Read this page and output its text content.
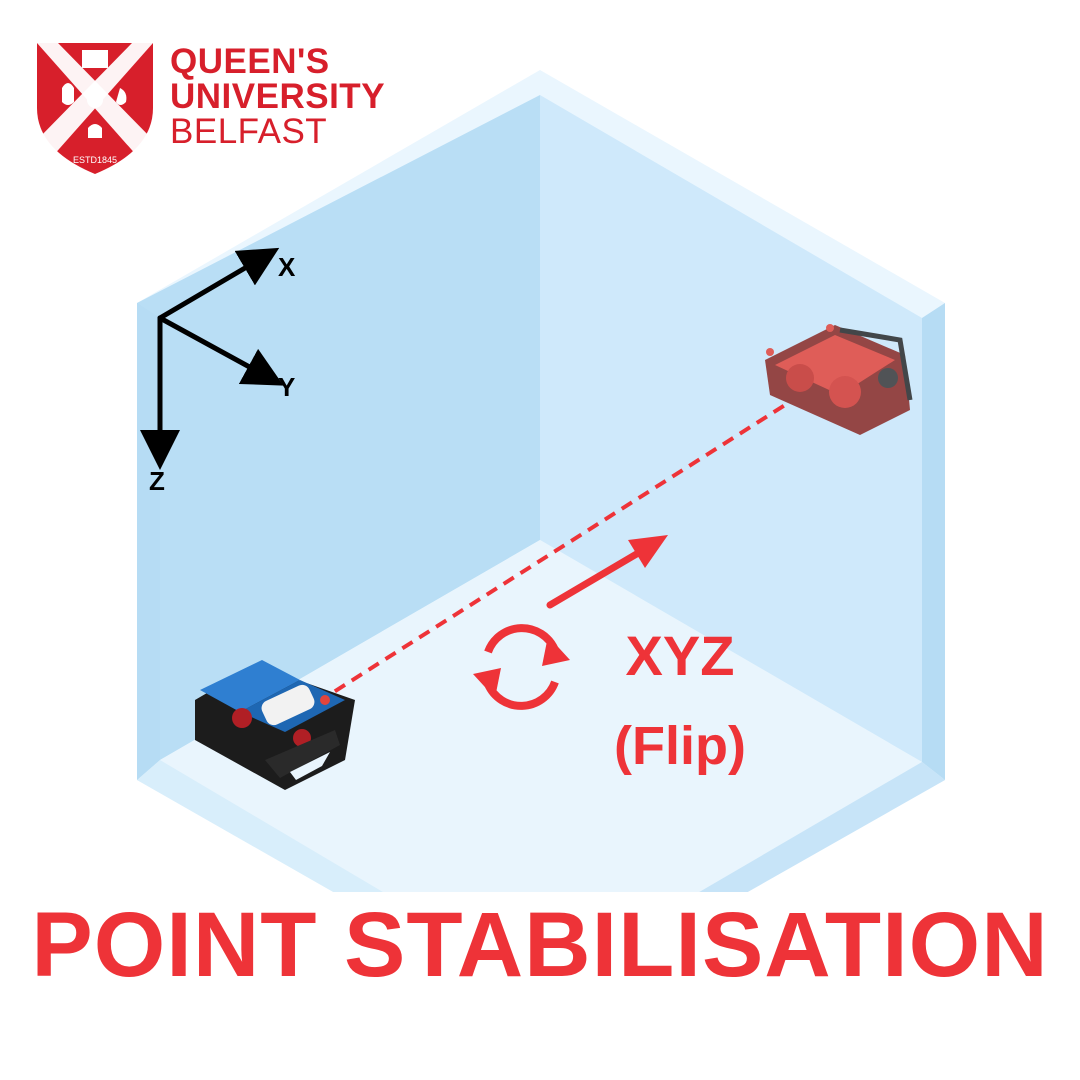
ESTD1845
X
Y
Z
XYZ
(Flip)
QUEEN'S
UNIVERSITY
BELFAST
POINT STABILISATION
